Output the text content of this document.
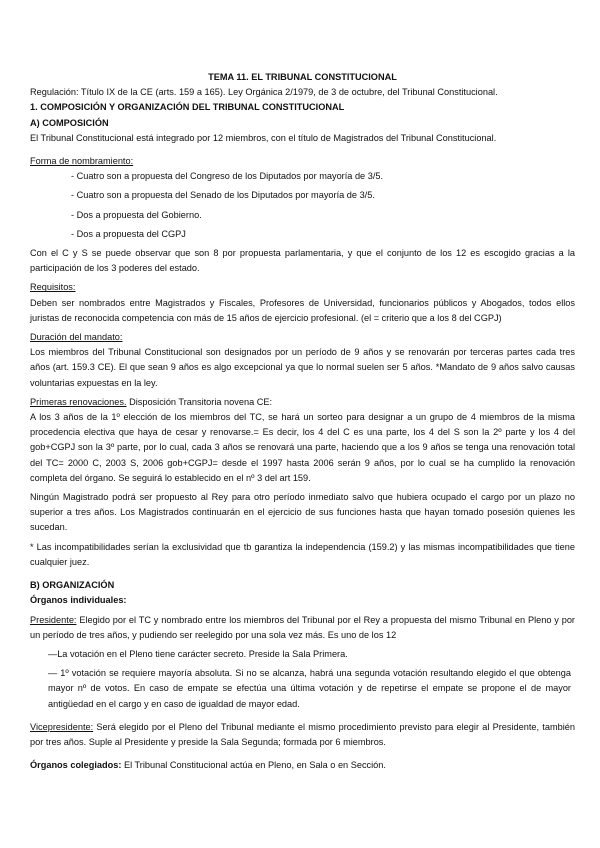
TEMA 11. EL TRIBUNAL CONSTITUCIONAL

Regulación: Título IX de la CE (arts. 159 a 165). Ley Orgánica 2/1979, de 3 de octubre, del Tribunal Constitucional.

1. COMPOSICIÓN Y ORGANIZACIÓN DEL TRIBUNAL CONSTITUCIONAL

A) COMPOSICIÓN

El Tribunal Constitucional está integrado por 12 miembros, con el título de Magistrados del Tribunal Constitucional.

Forma de nombramiento:

- Cuatro son a propuesta del Congreso de los Diputados por mayoría de 3/5.
- Cuatro son a propuesta del Senado de los Diputados por mayoría de 3/5.
- Dos a propuesta del Gobierno.
- Dos a propuesta del CGPJ

Con el C y S se puede observar que son 8 por propuesta parlamentaria, y que el conjunto de los 12 es escogido gracias a la participación de los 3 poderes del estado.

Requisitos:

Deben ser nombrados entre Magistrados y Fiscales, Profesores de Universidad, funcionarios públicos y Abogados, todos ellos juristas de reconocida competencia con más de 15 años de ejercicio profesional. (el = criterio que a los 8 del CGPJ)

Duración del mandato:

Los miembros del Tribunal Constitucional son designados por un período de 9 años y se renovarán por terceras partes cada tres años (art. 159.3 CE). El que sean 9 años es algo excepcional ya que lo normal suelen ser 5 años. *Mandato de 9 años salvo causas voluntarias expuestas en la ley.

Primeras renovaciones. Disposición Transitoria novena CE:

A los 3 años de la 1º elección de los miembros del TC, se hará un sorteo para designar a un grupo de 4 miembros de la misma procedencia electiva que haya de cesar y renovarse.= Es decir, los 4 del C es una parte, los 4 del S son la 2º parte y los 4 del gob+CGPJ son la 3º parte, por lo cual, cada 3 años se renovará una parte, haciendo que a los 9 años se tenga una renovación total del TC= 2000 C, 2003 S, 2006 gob+CGPJ= desde el 1997 hasta 2006 serán 9 años, por lo cual se ha cumplido la renovación completa del órgano. Se seguirá lo establecido en el nº 3 del art 159.

Ningún Magistrado podrá ser propuesto al Rey para otro período inmediato salvo que hubiera ocupado el cargo por un plazo no superior a tres años. Los Magistrados continuarán en el ejercicio de sus funciones hasta que hayan tomado posesión quienes les sucedan.

* Las incompatibilidades serían la exclusividad que tb garantiza la independencia (159.2) y las mismas incompatibilidades que tiene cualquier juez.

B) ORGANIZACIÓN

Órganos individuales:

Presidente: Elegido por el TC y nombrado entre los miembros del Tribunal por el Rey a propuesta del mismo Tribunal en Pleno y por un período de tres años, y pudiendo ser reelegido por una sola vez más. Es uno de los 12

—La votación en el Pleno tiene carácter secreto. Preside la Sala Primera.

— 1º votación se requiere mayoría absoluta. Si no se alcanza, habrá una segunda votación resultando elegido el que obtenga mayor nº de votos. En caso de empate se efectúa una última votación y de repetirse el empate se propone el de mayor antigüedad en el cargo y en caso de igualdad de mayor edad.

Vicepresidente: Será elegido por el Pleno del Tribunal mediante el mismo procedimiento previsto para elegir al Presidente, también por tres años. Suple al Presidente y preside la Sala Segunda; formada por 6 miembros.

Órganos colegiados: El Tribunal Constitucional actúa en Pleno, en Sala o en Sección.
